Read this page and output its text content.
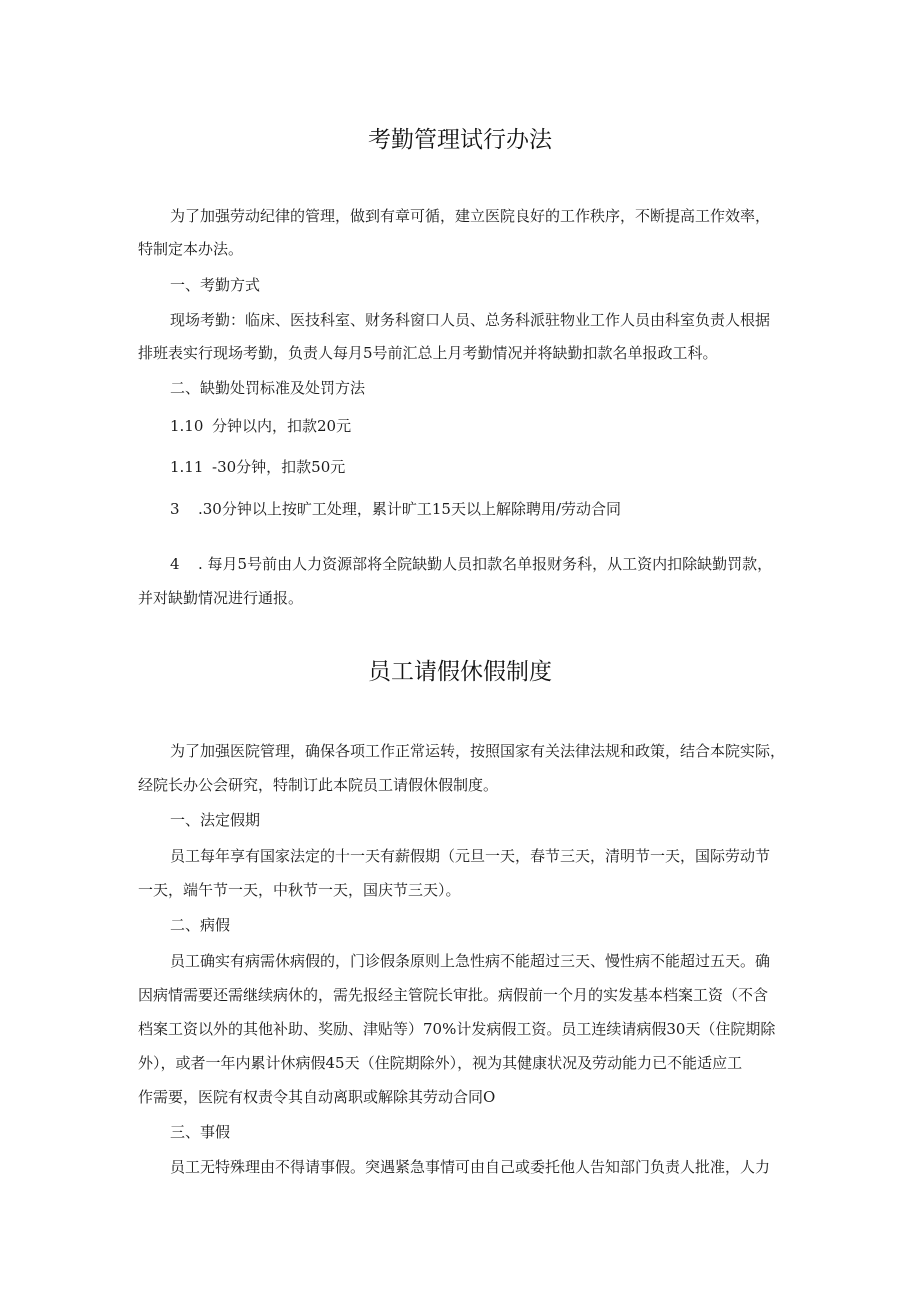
考勤管理试行办法
为了加强劳动纪律的管理，做到有章可循，建立医院良好的工作秩序，不断提高工作效率，
特制定本办法。
一、考勤方式
现场考勤：临床、医技科室、财务科窗口人员、总务科派驻物业工作人员由科室负责人根据
排班表实行现场考勤，负责人每月5号前汇总上月考勤情况并将缺勤扣款名单报政工科。
二、缺勤处罚标准及处罚方法
1.10 分钟以内，扣款20元
1.11 -30分钟，扣款50元
3 .30分钟以上按旷工处理，累计旷工15天以上解除聘用/劳动合同
4 . 每月5号前由人力资源部将全院缺勤人员扣款名单报财务科，从工资内扣除缺勤罚款，
并对缺勤情况进行通报。
员工请假休假制度
为了加强医院管理，确保各项工作正常运转，按照国家有关法律法规和政策，结合本院实际，
经院长办公会研究，特制订此本院员工请假休假制度。
一、法定假期
员工每年享有国家法定的十一天有薪假期（元旦一天，春节三天，清明节一天，国际劳动节
一天，端午节一天，中秋节一天，国庆节三天）。
二、病假
员工确实有病需休病假的，门诊假条原则上急性病不能超过三天、慢性病不能超过五天。确
因病情需要还需继续病休的，需先报经主管院长审批。病假前一个月的实发基本档案工资（不含
档案工资以外的其他补助、奖励、津贴等）70%计发病假工资。员工连续请病假30天（住院期除
外），或者一年内累计休病假45天（住院期除外），视为其健康状况及劳动能力已不能适应工
作需要，医院有权责令其自动离职或解除其劳动合同O
三、事假
员工无特殊理由不得请事假。突遇紧急事情可由自己或委托他人告知部门负责人批准，人力
